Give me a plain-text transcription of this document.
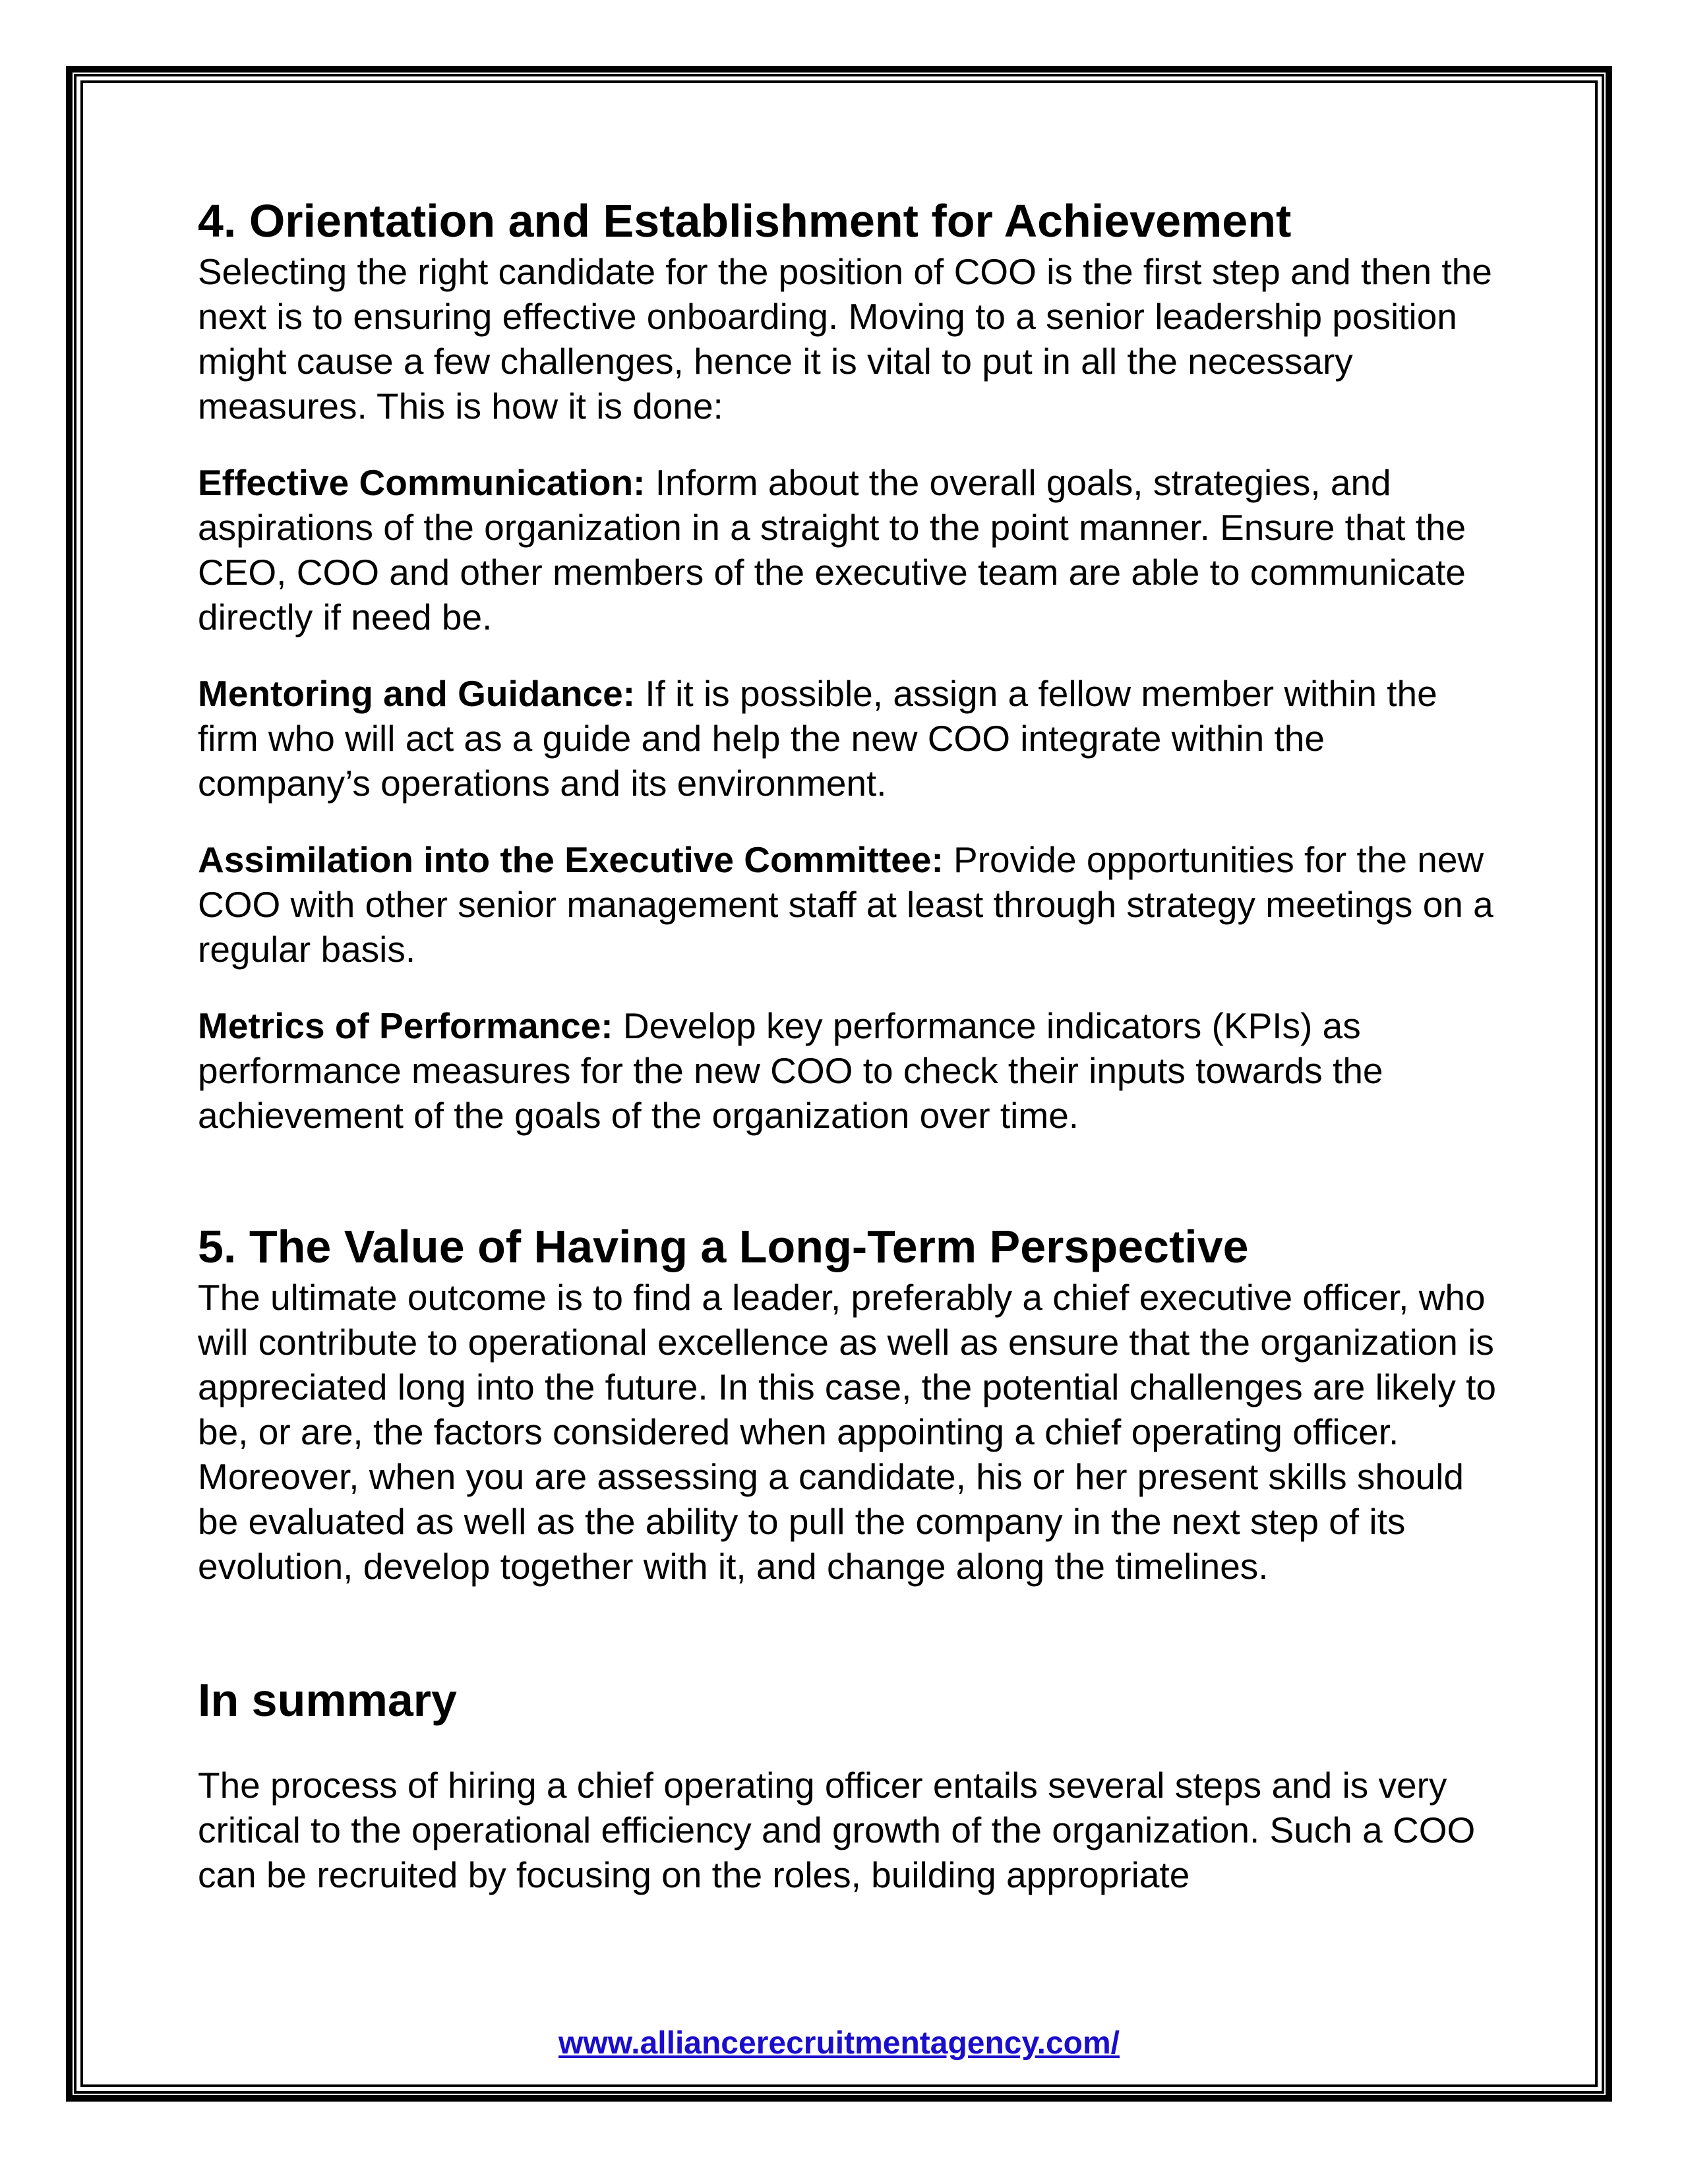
4. Orientation and Establishment for Achievement

Selecting the right candidate for the position of COO is the first step and then the next is to ensuring effective onboarding. Moving to a senior leadership position might cause a few challenges, hence it is vital to put in all the necessary measures. This is how it is done:

Effective Communication: Inform about the overall goals, strategies, and aspirations of the organization in a straight to the point manner. Ensure that the CEO, COO and other members of the executive team are able to communicate directly if need be.

Mentoring and Guidance: If it is possible, assign a fellow member within the firm who will act as a guide and help the new COO integrate within the company’s operations and its environment.

Assimilation into the Executive Committee: Provide opportunities for the new COO with other senior management staff at least through strategy meetings on a regular basis.

Metrics of Performance: Develop key performance indicators (KPIs) as performance measures for the new COO to check their inputs towards the achievement of the goals of the organization over time.

5. The Value of Having a Long-Term Perspective

The ultimate outcome is to find a leader, preferably a chief executive officer, who will contribute to operational excellence as well as ensure that the organization is appreciated long into the future. In this case, the potential challenges are likely to be, or are, the factors considered when appointing a chief operating officer. Moreover, when you are assessing a candidate, his or her present skills should be evaluated as well as the ability to pull the company in the next step of its evolution, develop together with it, and change along the timelines.

In summary

The process of hiring a chief operating officer entails several steps and is very critical to the operational efficiency and growth of the organization. Such a COO can be recruited by focusing on the roles, building appropriate

www.alliancerecruitmentagency.com/
